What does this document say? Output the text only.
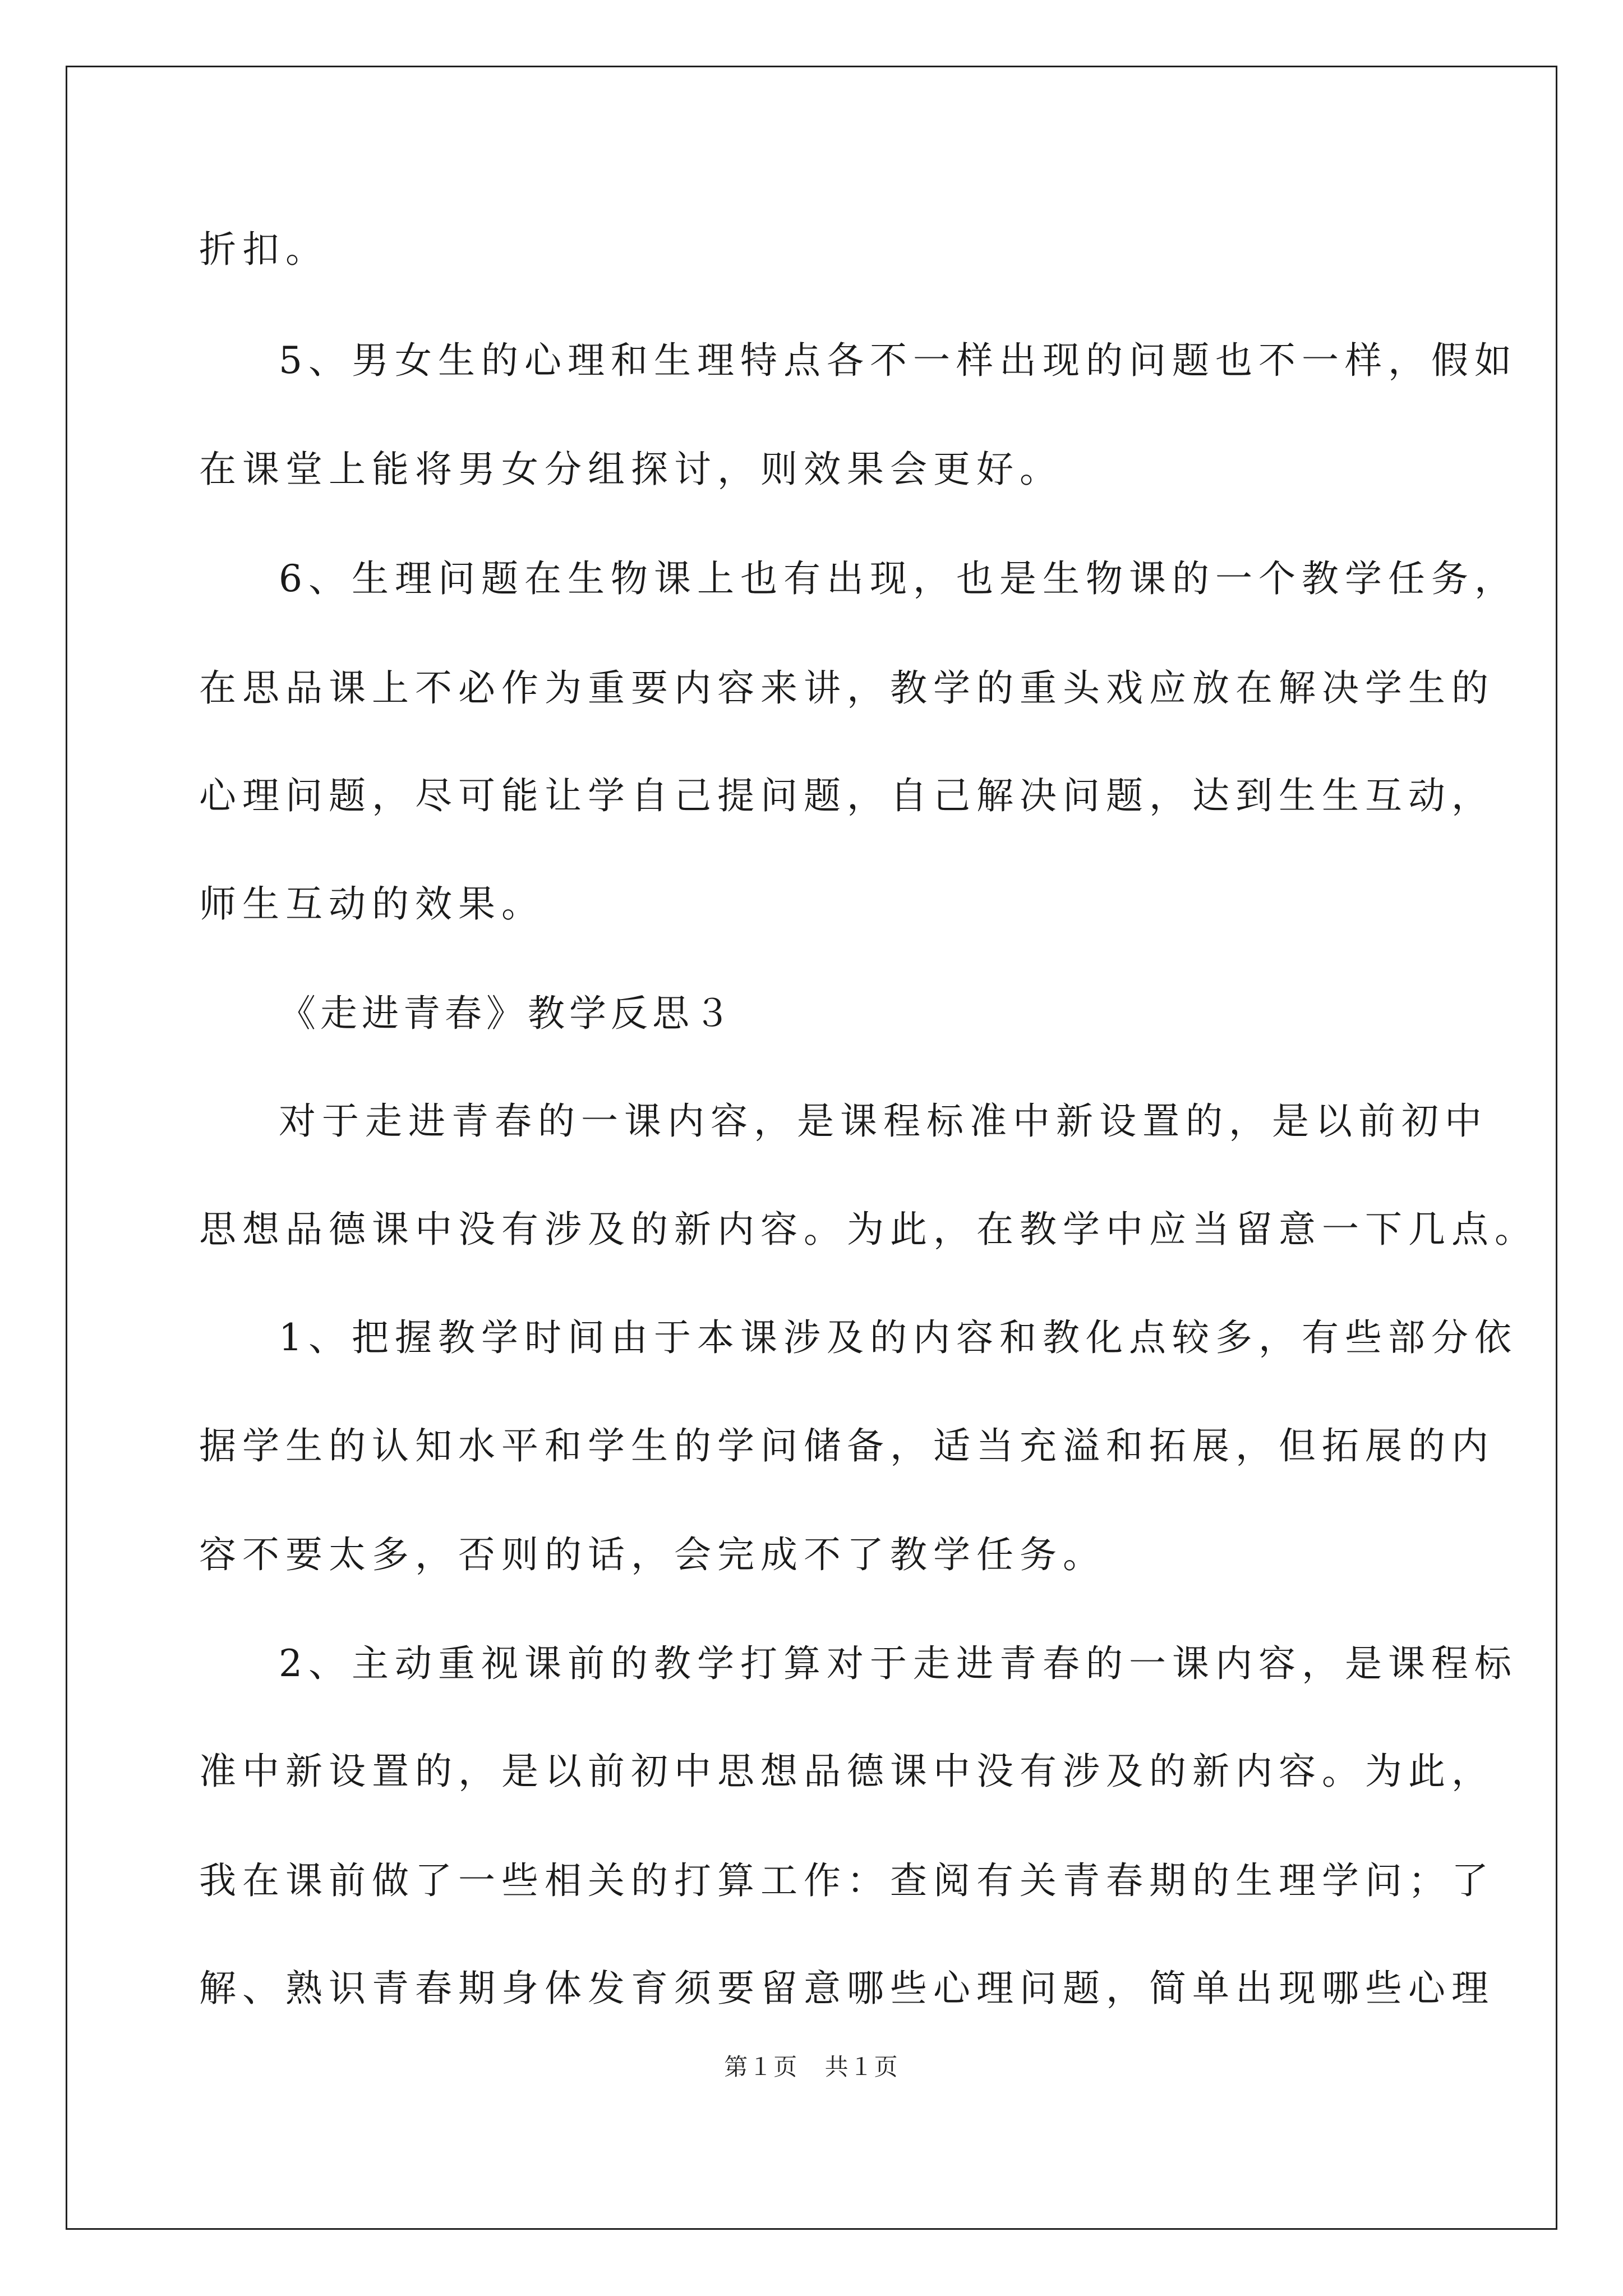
折扣。
5、男女生的心理和生理特点各不一样出现的问题也不一样，假如
在课堂上能将男女分组探讨，则效果会更好。
6、生理问题在生物课上也有出现，也是生物课的一个教学任务，
在思品课上不必作为重要内容来讲，教学的重头戏应放在解决学生的
心理问题，尽可能让学自己提问题，自己解决问题，达到生生互动，
师生互动的效果。
《走进青春》教学反思３
对于走进青春的一课内容，是课程标准中新设置的，是以前初中
思想品德课中没有涉及的新内容。为此，在教学中应当留意一下几点。
1、把握教学时间由于本课涉及的内容和教化点较多，有些部分依
据学生的认知水平和学生的学问储备，适当充溢和拓展，但拓展的内
容不要太多，否则的话，会完成不了教学任务。
2、主动重视课前的教学打算对于走进青春的一课内容，是课程标
准中新设置的，是以前初中思想品德课中没有涉及的新内容。为此，
我在课前做了一些相关的打算工作：查阅有关青春期的生理学问；了
解、熟识青春期身体发育须要留意哪些心理问题，简单出现哪些心理
第１页 共１页
